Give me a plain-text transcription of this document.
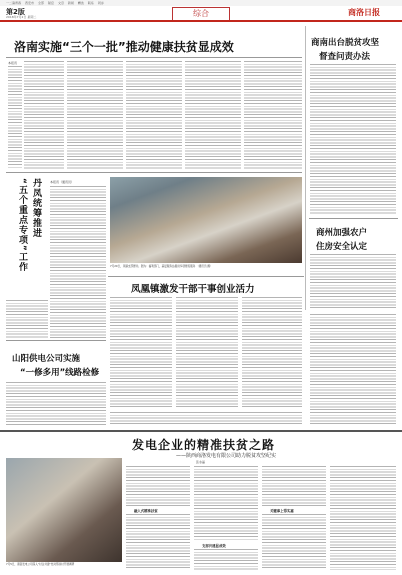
一二滴青春 西安市 全部 秘密 文章 新闻 精选 联系 同步
第2版
2018年7月2日 星期二	综合	商洛日报
洛南实施“三个一批”推动健康扶贫显成效
本报讯
商南出台脱贫攻坚
督查问责办法
商州加强农户
住房安全认定
丹凤统筹推进
“五个重点专项”工作	本报讯（通讯员）
7月20日，凤镇支部群众。图为：福利部门，基层服务站提供多项便民服务 （通讯员 摄）
凤凰镇激发干部干事创业活力
山阳供电公司实施
“一修多用”线路检修
发电企业的精准扶贫之路
——陕西商洛发电有限公司助力脱贫攻坚纪实
张永晶
7月5日，商洛发电公司深入“村企共建”结对帮扶村开展调研
融入式精准扶贫
支部共建显成效
关键事上得实惠
